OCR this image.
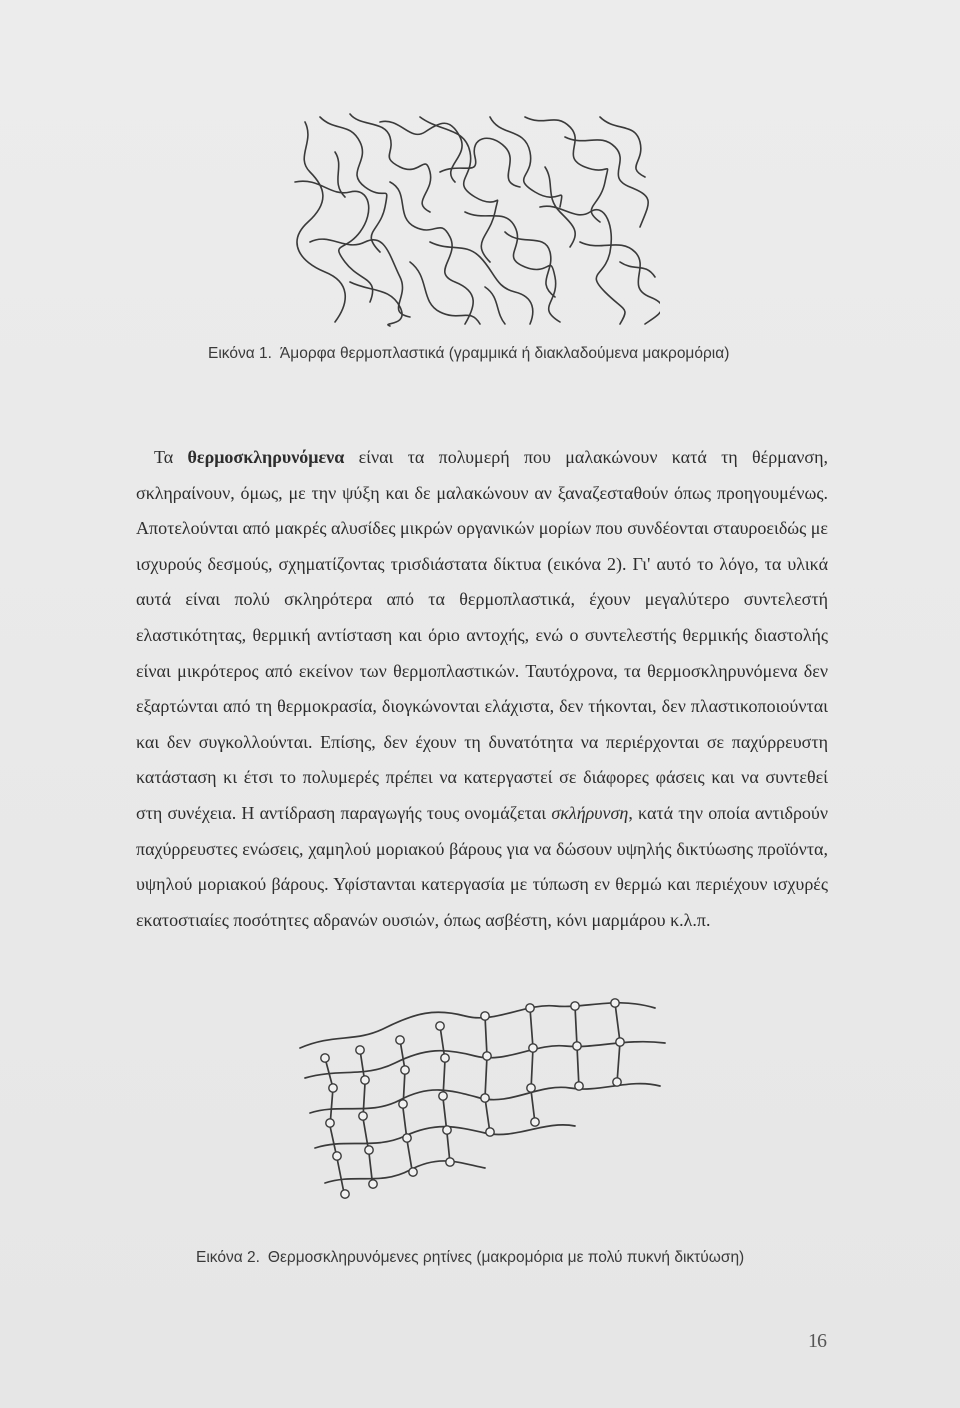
Εικόνα 1. Άμορφα θερμοπλαστικά (γραμμικά ή διακλαδούμενα μακρομόρια)

Τα θερμοσκληρυνόμενα είναι τα πολυμερή που μαλακώνουν κατά τη θέρμανση, σκληραίνουν, όμως, με την ψύξη και δε μαλακώνουν αν ξαναζεσταθούν όπως προηγουμένως. Αποτελούνται από μακρές αλυσίδες μικρών οργανικών μορίων που συνδέονται σταυροειδώς με ισχυρούς δεσμούς, σχηματίζοντας τρισδιάστατα δίκτυα (εικόνα 2). Γι' αυτό το λόγο, τα υλικά αυτά είναι πολύ σκληρότερα από τα θερμοπλαστικά, έχουν μεγαλύτερο συντελεστή ελαστικότητας, θερμική αντίσταση και όριο αντοχής, ενώ ο συντελεστής θερμικής διαστολής είναι μικρότερος από εκείνον των θερμοπλαστικών. Ταυτόχρονα, τα θερμοσκληρυνόμενα δεν εξαρτώνται από τη θερμοκρασία, διογκώνονται ελάχιστα, δεν τήκονται, δεν πλαστικοποιούνται και δεν συγκολλούνται. Επίσης, δεν έχουν τη δυνατότητα να περιέρχονται σε παχύρρευστη κατάσταση κι έτσι το πολυμερές πρέπει να κατεργαστεί σε διάφορες φάσεις και να συντεθεί στη συνέχεια. Η αντίδραση παραγωγής τους ονομάζεται σκλήρυνση, κατά την οποία αντιδρούν παχύρρευστες ενώσεις, χαμηλού μοριακού βάρους για να δώσουν υψηλής δικτύωσης προϊόντα, υψηλού μοριακού βάρους. Υφίστανται κατεργασία με τύπωση εν θερμώ και περιέχουν ισχυρές εκατοστιαίες ποσότητες αδρανών ουσιών, όπως ασβέστη, κόνι μαρμάρου κ.λ.π.

Εικόνα 2. Θερμοσκληρυνόμενες ρητίνες (μακρομόρια με πολύ πυκνή δικτύωση)
16
